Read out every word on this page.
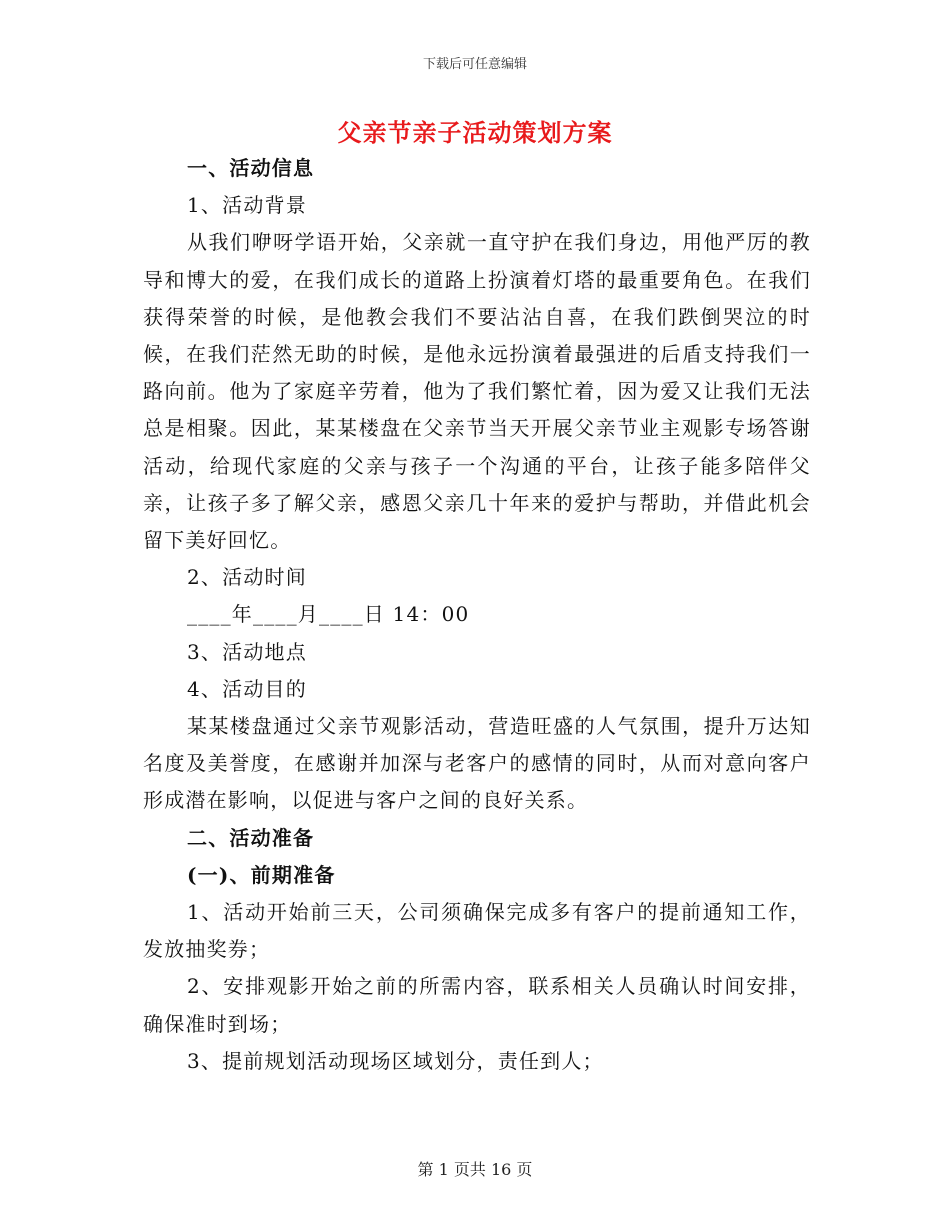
下载后可任意编辑
父亲节亲子活动策划方案

一、活动信息

1、活动背景

从我们咿呀学语开始，父亲就一直守护在我们身边，用他严厉的教导和博大的爱，在我们成长的道路上扮演着灯塔的最重要角色。在我们获得荣誉的时候，是他教会我们不要沾沾自喜，在我们跌倒哭泣的时候，在我们茫然无助的时候，是他永远扮演着最强进的后盾支持我们一路向前。他为了家庭辛劳着，他为了我们繁忙着，因为爱又让我们无法总是相聚。因此，某某楼盘在父亲节当天开展父亲节业主观影专场答谢活动，给现代家庭的父亲与孩子一个沟通的平台，让孩子能多陪伴父亲，让孩子多了解父亲，感恩父亲几十年来的爱护与帮助，并借此机会留下美好回忆。

2、活动时间

____年____月____日 14：00

3、活动地点

4、活动目的

某某楼盘通过父亲节观影活动，营造旺盛的人气氛围，提升万达知名度及美誉度，在感谢并加深与老客户的感情的同时，从而对意向客户形成潜在影响，以促进与客户之间的良好关系。

二、活动准备

(一)、前期准备

1、活动开始前三天，公司须确保完成多有客户的提前通知工作，发放抽奖券；

2、安排观影开始之前的所需内容，联系相关人员确认时间安排，确保准时到场；

3、提前规划活动现场区域划分，责任到人；

第 1 页共 16 页
